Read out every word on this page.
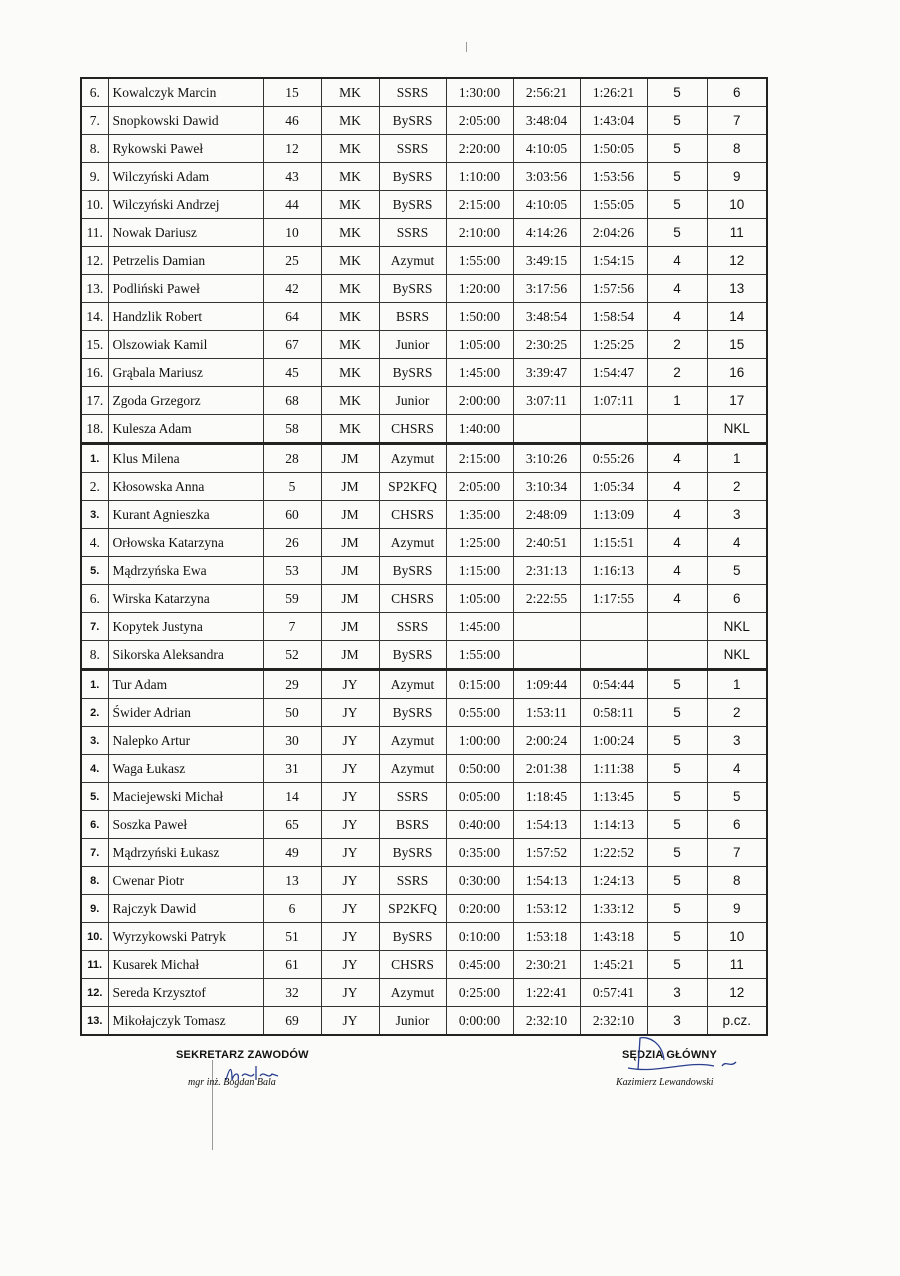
6.	Kowalczyk Marcin	15	MK	SSRS	1:30:00	2:56:21	1:26:21	5	6
7.	Snopkowski Dawid	46	MK	BySRS	2:05:00	3:48:04	1:43:04	5	7
8.	Rykowski Paweł	12	MK	SSRS	2:20:00	4:10:05	1:50:05	5	8
9.	Wilczyński Adam	43	MK	BySRS	1:10:00	3:03:56	1:53:56	5	9
10.	Wilczyński Andrzej	44	MK	BySRS	2:15:00	4:10:05	1:55:05	5	10
11.	Nowak Dariusz	10	MK	SSRS	2:10:00	4:14:26	2:04:26	5	11
12.	Petrzelis Damian	25	MK	Azymut	1:55:00	3:49:15	1:54:15	4	12
13.	Podliński Paweł	42	MK	BySRS	1:20:00	3:17:56	1:57:56	4	13
14.	Handzlik Robert	64	MK	BSRS	1:50:00	3:48:54	1:58:54	4	14
15.	Olszowiak Kamil	67	MK	Junior	1:05:00	2:30:25	1:25:25	2	15
16.	Grąbala Mariusz	45	MK	BySRS	1:45:00	3:39:47	1:54:47	2	16
17.	Zgoda Grzegorz	68	MK	Junior	2:00:00	3:07:11	1:07:11	1	17
18.	Kulesza Adam	58	MK	CHSRS	1:40:00				NKL
1.	Klus Milena	28	JM	Azymut	2:15:00	3:10:26	0:55:26	4	1
2.	Kłosowska Anna	5	JM	SP2KFQ	2:05:00	3:10:34	1:05:34	4	2
3.	Kurant Agnieszka	60	JM	CHSRS	1:35:00	2:48:09	1:13:09	4	3
4.	Orłowska Katarzyna	26	JM	Azymut	1:25:00	2:40:51	1:15:51	4	4
5.	Mądrzyńska Ewa	53	JM	BySRS	1:15:00	2:31:13	1:16:13	4	5
6.	Wirska Katarzyna	59	JM	CHSRS	1:05:00	2:22:55	1:17:55	4	6
7.	Kopytek Justyna	7	JM	SSRS	1:45:00				NKL
8.	Sikorska Aleksandra	52	JM	BySRS	1:55:00				NKL
1.	Tur Adam	29	JY	Azymut	0:15:00	1:09:44	0:54:44	5	1
2.	Świder Adrian	50	JY	BySRS	0:55:00	1:53:11	0:58:11	5	2
3.	Nalepko Artur	30	JY	Azymut	1:00:00	2:00:24	1:00:24	5	3
4.	Waga Łukasz	31	JY	Azymut	0:50:00	2:01:38	1:11:38	5	4
5.	Maciejewski Michał	14	JY	SSRS	0:05:00	1:18:45	1:13:45	5	5
6.	Soszka Paweł	65	JY	BSRS	0:40:00	1:54:13	1:14:13	5	6
7.	Mądrzyński Łukasz	49	JY	BySRS	0:35:00	1:57:52	1:22:52	5	7
8.	Cwenar Piotr	13	JY	SSRS	0:30:00	1:54:13	1:24:13	5	8
9.	Rajczyk Dawid	6	JY	SP2KFQ	0:20:00	1:53:12	1:33:12	5	9
10.	Wyrzykowski Patryk	51	JY	BySRS	0:10:00	1:53:18	1:43:18	5	10
11.	Kusarek Michał	61	JY	CHSRS	0:45:00	2:30:21	1:45:21	5	11
12.	Sereda Krzysztof	32	JY	Azymut	0:25:00	1:22:41	0:57:41	3	12
13.	Mikołajczyk Tomasz	69	JY	Junior	0:00:00	2:32:10	2:32:10	3	p.cz.
SEKRETARZ ZAWODÓW
mgr inż. Bogdan Bala
SĘDZIA GŁÓWNY
Kazimierz Lewandowski
